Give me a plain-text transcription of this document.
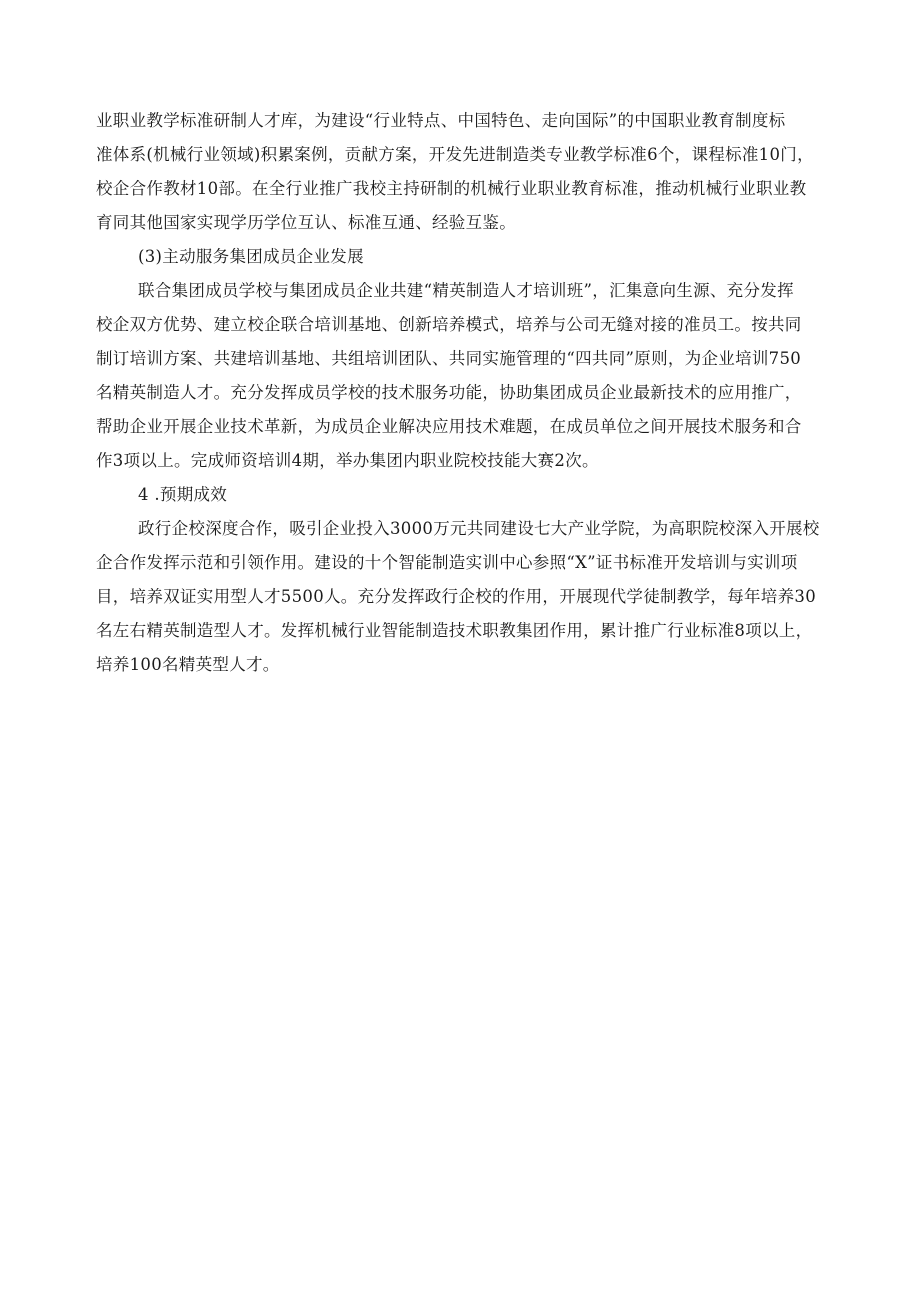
业职业教学标准研制人才库，为建设“行业特点、中国特色、走向国际”的中国职业教育制度标
准体系(机械行业领域)积累案例，贡献方案，开发先进制造类专业教学标准6个，课程标准10门，
校企合作教材10部。在全行业推广我校主持研制的机械行业职业教育标准，推动机械行业职业教
育同其他国家实现学历学位互认、标准互通、经验互鉴。
(3)主动服务集团成员企业发展
联合集团成员学校与集团成员企业共建“精英制造人才培训班”，汇集意向生源、充分发挥
校企双方优势、建立校企联合培训基地、创新培养模式，培养与公司无缝对接的准员工。按共同
制订培训方案、共建培训基地、共组培训团队、共同实施管理的“四共同”原则，为企业培训750
名精英制造人才。充分发挥成员学校的技术服务功能，协助集团成员企业最新技术的应用推广，
帮助企业开展企业技术革新，为成员企业解决应用技术难题，在成员单位之间开展技术服务和合
作3项以上。完成师资培训4期，举办集团内职业院校技能大赛2次。
4 .预期成效
政行企校深度合作，吸引企业投入3000万元共同建设七大产业学院，为高职院校深入开展校
企合作发挥示范和引领作用。建设的十个智能制造实训中心参照“X”证书标准开发培训与实训项
目，培养双证实用型人才5500人。充分发挥政行企校的作用，开展现代学徒制教学，每年培养30
名左右精英制造型人才。发挥机械行业智能制造技术职教集团作用，累计推广行业标准8项以上，
培养100名精英型人才。
